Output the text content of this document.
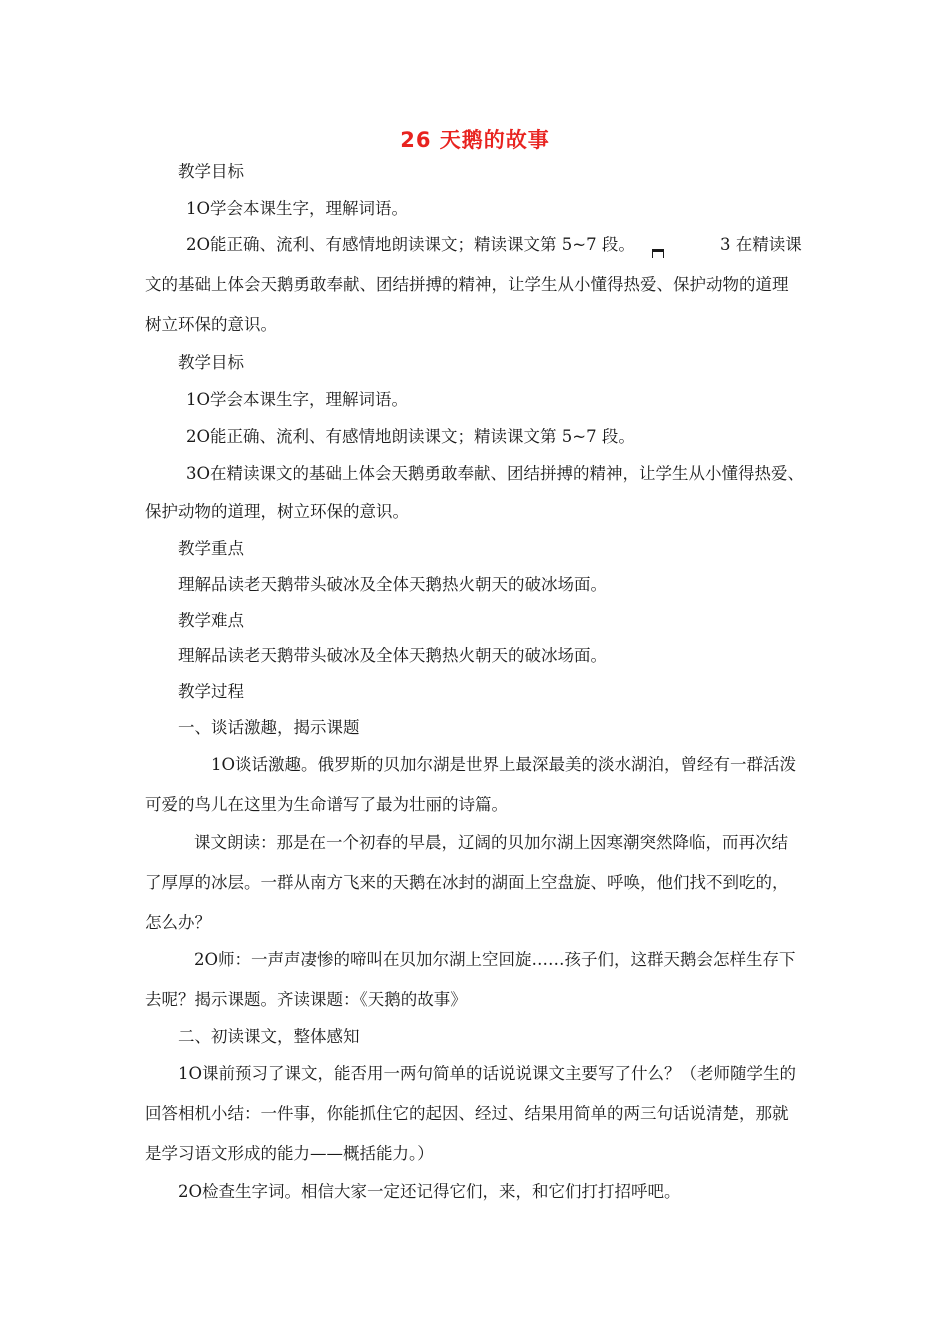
26 天鹅的故事
教学目标
1O学会本课生字，理解词语。
2O能正确、流利、有感情地朗读课文；精读课文第 5~7 段。	3 在精读课
文的基础上体会天鹅勇敢奉献、团结拼搏的精神，让学生从小懂得热爱、保护动物的道理
树立环保的意识。
教学目标
1O学会本课生字，理解词语。
2O能正确、流利、有感情地朗读课文；精读课文第 5~7 段。
3O在精读课文的基础上体会天鹅勇敢奉献、团结拼搏的精神，让学生从小懂得热爱、
保护动物的道理，树立环保的意识。
教学重点
理解品读老天鹅带头破冰及全体天鹅热火朝天的破冰场面。
教学难点
理解品读老天鹅带头破冰及全体天鹅热火朝天的破冰场面。
教学过程
一、谈话激趣，揭示课题
1O谈话激趣。俄罗斯的贝加尔湖是世界上最深最美的淡水湖泊，曾经有一群活泼
可爱的鸟儿在这里为生命谱写了最为壮丽的诗篇。
课文朗读：那是在一个初春的早晨，辽阔的贝加尔湖上因寒潮突然降临，而再次结
了厚厚的冰层。一群从南方飞来的天鹅在冰封的湖面上空盘旋、呼唤，他们找不到吃的，
怎么办？
2O师：一声声凄惨的啼叫在贝加尔湖上空回旋……孩子们，这群天鹅会怎样生存下
去呢？揭示课题。齐读课题：《天鹅的故事》
二、初读课文，整体感知
1O课前预习了课文，能否用一两句简单的话说说课文主要写了什么？（老师随学生的
回答相机小结：一件事，你能抓住它的起因、经过、结果用简单的两三句话说清楚，那就
是学习语文形成的能力——概括能力。）
2O检查生字词。相信大家一定还记得它们，来，和它们打打招呼吧。
